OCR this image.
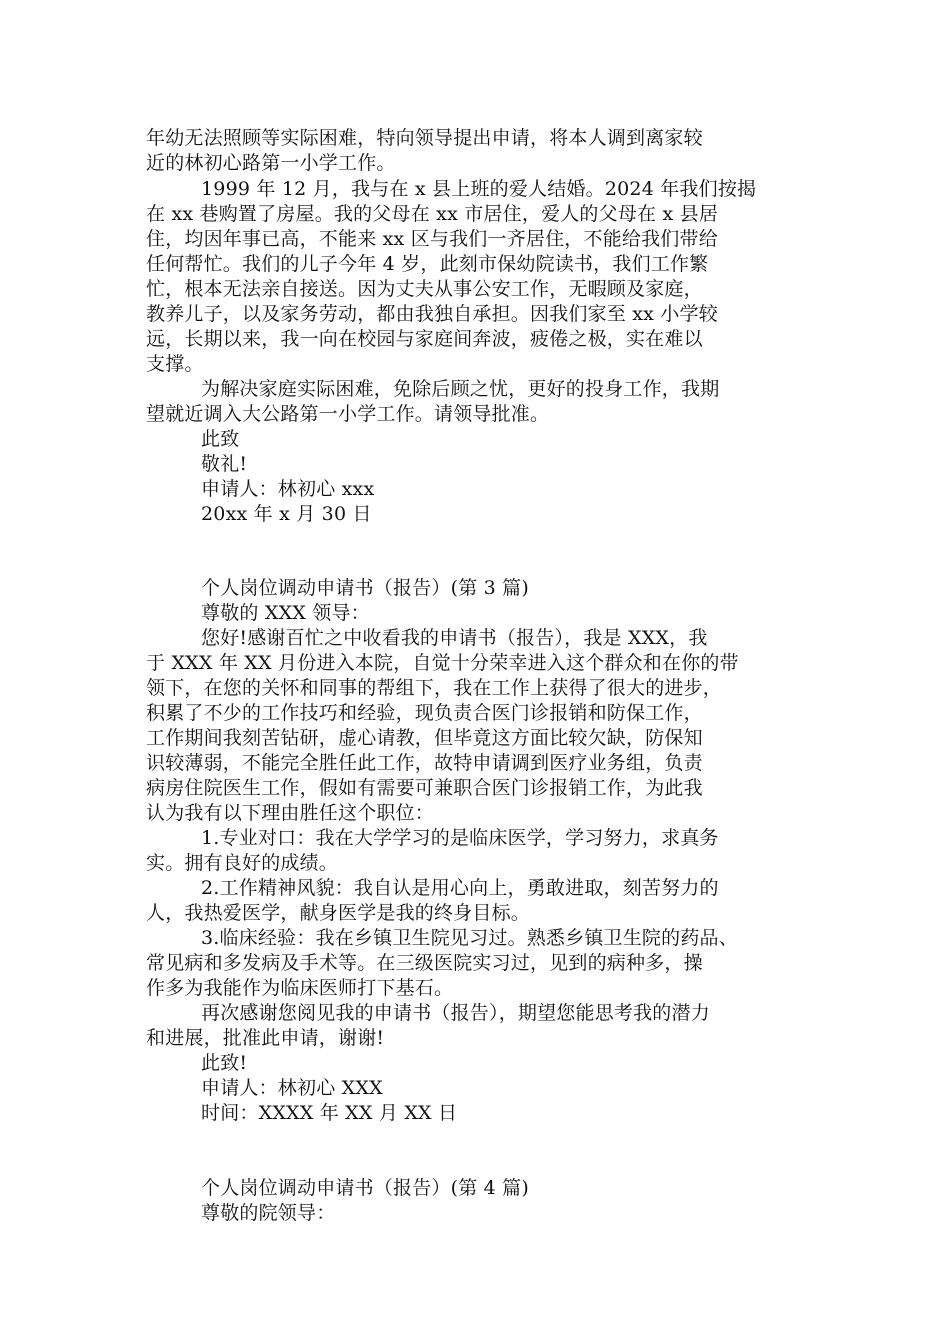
年幼无法照顾等实际困难，特向领导提出申请，将本人调到离家较
近的林初心路第一小学工作。
1999 年 12 月，我与在 x 县上班的爱人结婚。2024 年我们按揭
在 xx 巷购置了房屋。我的父母在 xx 市居住，爱人的父母在 x 县居
住，均因年事已高，不能来 xx 区与我们一齐居住，不能给我们带给
任何帮忙。我们的儿子今年 4 岁，此刻市保幼院读书，我们工作繁
忙，根本无法亲自接送。因为丈夫从事公安工作，无暇顾及家庭，
教养儿子，以及家务劳动，都由我独自承担。因我们家至 xx 小学较
远，长期以来，我一向在校园与家庭间奔波，疲倦之极，实在难以
支撑。
为解决家庭实际困难，免除后顾之忧，更好的投身工作，我期
望就近调入大公路第一小学工作。请领导批准。
此致
敬礼!
申请人：林初心 xxx
20xx 年 x 月 30 日
个人岗位调动申请书（报告）(第 3 篇)
尊敬的 XXX 领导：
您好!感谢百忙之中收看我的申请书（报告），我是 XXX，我
于 XXX 年 XX 月份进入本院，自觉十分荣幸进入这个群众和在你的带
领下，在您的关怀和同事的帮组下，我在工作上获得了很大的进步，
积累了不少的工作技巧和经验，现负责合医门诊报销和防保工作，
工作期间我刻苦钻研，虚心请教，但毕竟这方面比较欠缺，防保知
识较薄弱，不能完全胜任此工作，故特申请调到医疗业务组，负责
病房住院医生工作，假如有需要可兼职合医门诊报销工作，为此我
认为我有以下理由胜任这个职位：
1.专业对口：我在大学学习的是临床医学，学习努力，求真务
实。拥有良好的成绩。
2.工作精神风貌：我自认是用心向上，勇敢进取，刻苦努力的
人，我热爱医学，献身医学是我的终身目标。
3.临床经验：我在乡镇卫生院见习过。熟悉乡镇卫生院的药品、
常见病和多发病及手术等。在三级医院实习过，见到的病种多，操
作多为我能作为临床医师打下基石。
再次感谢您阅见我的申请书（报告），期望您能思考我的潜力
和进展，批准此申请，谢谢!
此致!
申请人：林初心 XXX
时间：XXXX 年 XX 月 XX 日
个人岗位调动申请书（报告）(第 4 篇)
尊敬的院领导：
